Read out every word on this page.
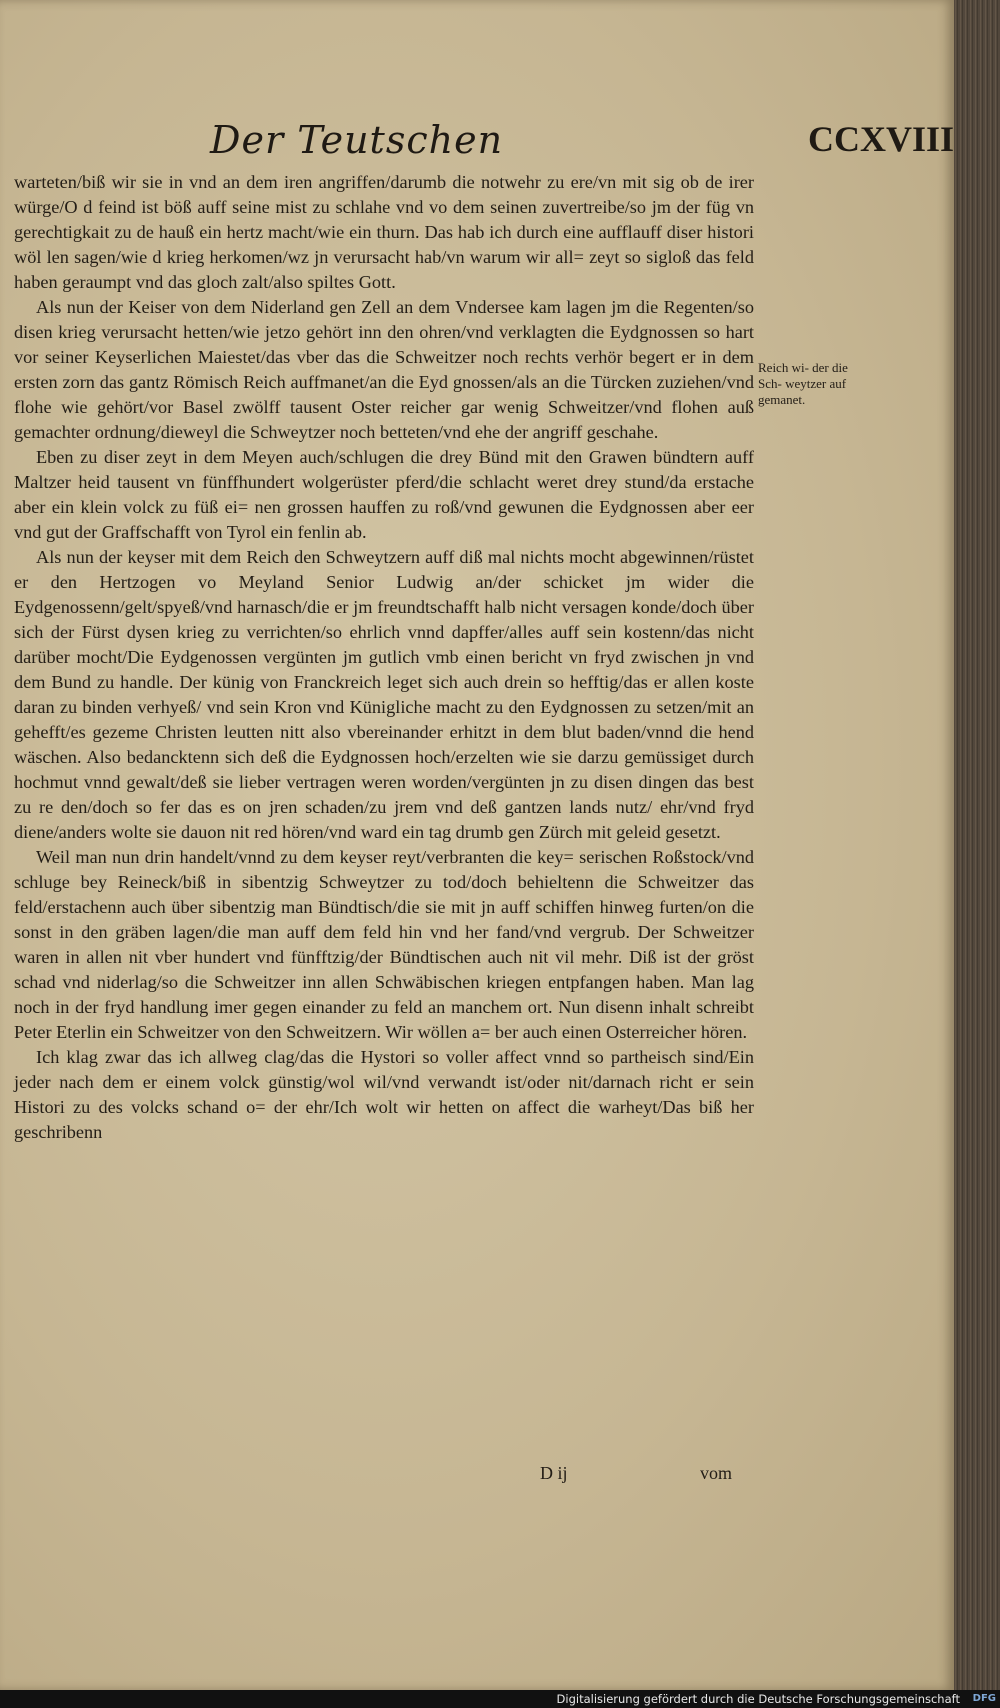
Der Teutschen	CCXVIII

warteten/biß wir sie in vnd an dem iren angriffen/darumb die notwehr zu ere/vn mit sig ob de irer würge/O d feind ist böß auff seine mist zu schlahe vnd vo dem seinen zuvertreibe/so jm der füg vn gerechtigkait zu de hauß ein hertz macht/wie ein thurn. Das hab ich durch eine aufflauff diser histori wöl len sagen/wie d krieg herkomen/wz jn verursacht hab/vn warum wir all= zeyt so sigloß das feld haben geraumpt vnd das gloch zalt/also spiltes Gott.

Als nun der Keiser von dem Niderland gen Zell an dem Vndersee kam lagen jm die Regenten/so disen krieg verursacht hetten/wie jetzo gehört inn den ohren/vnd verklagten die Eydgnossen so hart vor seiner Keyserlichen Maiestet/das vber das die Schweitzer noch rechts verhör begert er in dem ersten zorn das gantz Römisch Reich auffmanet/an die Eyd gnossen/als an die Türcken zuziehen/vnd flohe wie gehört/vor Basel zwölff tausent Oster reicher gar wenig Schweitzer/vnd flohen auß gemachter ordnung/dieweyl die Schweytzer noch betteten/vnd ehe der angriff geschahe.

Eben zu diser zeyt in dem Meyen auch/schlugen die drey Bünd mit den Grawen bündtern auff Maltzer heid tausent vn fünffhundert wolgerüster pferd/die schlacht weret drey stund/da erstache aber ein klein volck zu füß ei= nen grossen hauffen zu roß/vnd gewunen die Eydgnossen aber eer vnd gut der Graffschafft von Tyrol ein fenlin ab.

Als nun der keyser mit dem Reich den Schweytzern auff diß mal nichts mocht abgewinnen/rüstet er den Hertzogen vo Meyland Senior Ludwig an/der schicket jm wider die Eydgenossenn/gelt/spyeß/vnd harnasch/die er jm freundtschafft halb nicht versagen konde/doch über sich der Fürst dysen krieg zu verrichten/so ehrlich vnnd dapffer/alles auff sein kostenn/das nicht darüber mocht/Die Eydgenossen vergünten jm gutlich vmb einen bericht vn fryd zwischen jn vnd dem Bund zu handle. Der künig von Franckreich leget sich auch drein so hefftig/das er allen koste daran zu binden verhyeß/ vnd sein Kron vnd Künigliche macht zu den Eydgnossen zu setzen/mit an gehefft/es gezeme Christen leutten nitt also vbereinander erhitzt in dem blut baden/vnnd die hend wäschen. Also bedancktenn sich deß die Eydgnossen hoch/erzelten wie sie darzu gemüssiget durch hochmut vnnd gewalt/deß sie lieber vertragen weren worden/vergünten jn zu disen dingen das best zu re den/doch so fer das es on jren schaden/zu jrem vnd deß gantzen lands nutz/ ehr/vnd fryd diene/anders wolte sie dauon nit red hören/vnd ward ein tag drumb gen Zürch mit geleid gesetzt.

Weil man nun drin handelt/vnnd zu dem keyser reyt/verbranten die key= serischen Roßstock/vnd schluge bey Reineck/biß in sibentzig Schweytzer zu tod/doch behieltenn die Schweitzer das feld/erstachenn auch über sibentzig man Bündtisch/die sie mit jn auff schiffen hinweg furten/on die sonst in den gräben lagen/die man auff dem feld hin vnd her fand/vnd vergrub. Der Schweitzer waren in allen nit vber hundert vnd fünfftzig/der Bündtischen auch nit vil mehr. Diß ist der gröst schad vnd niderlag/so die Schweitzer inn allen Schwäbischen kriegen entpfangen haben. Man lag noch in der fryd handlung imer gegen einander zu feld an manchem ort. Nun disenn inhalt schreibt Peter Eterlin ein Schweitzer von den Schweitzern. Wir wöllen a= ber auch einen Osterreicher hören.

Ich klag zwar das ich allweg clag/das die Hystori so voller affect vnnd so partheisch sind/Ein jeder nach dem er einem volck günstig/wol wil/vnd verwandt ist/oder nit/darnach richt er sein Histori zu des volcks schand o= der ehr/Ich wolt wir hetten on affect die warheyt/Das biß her geschribenn

Reich wi- der die Sch- weytzer auf gemanet.
D ij	vom
Digitalisierung gefördert durch die Deutsche Forschungsgemeinschaft DFG
